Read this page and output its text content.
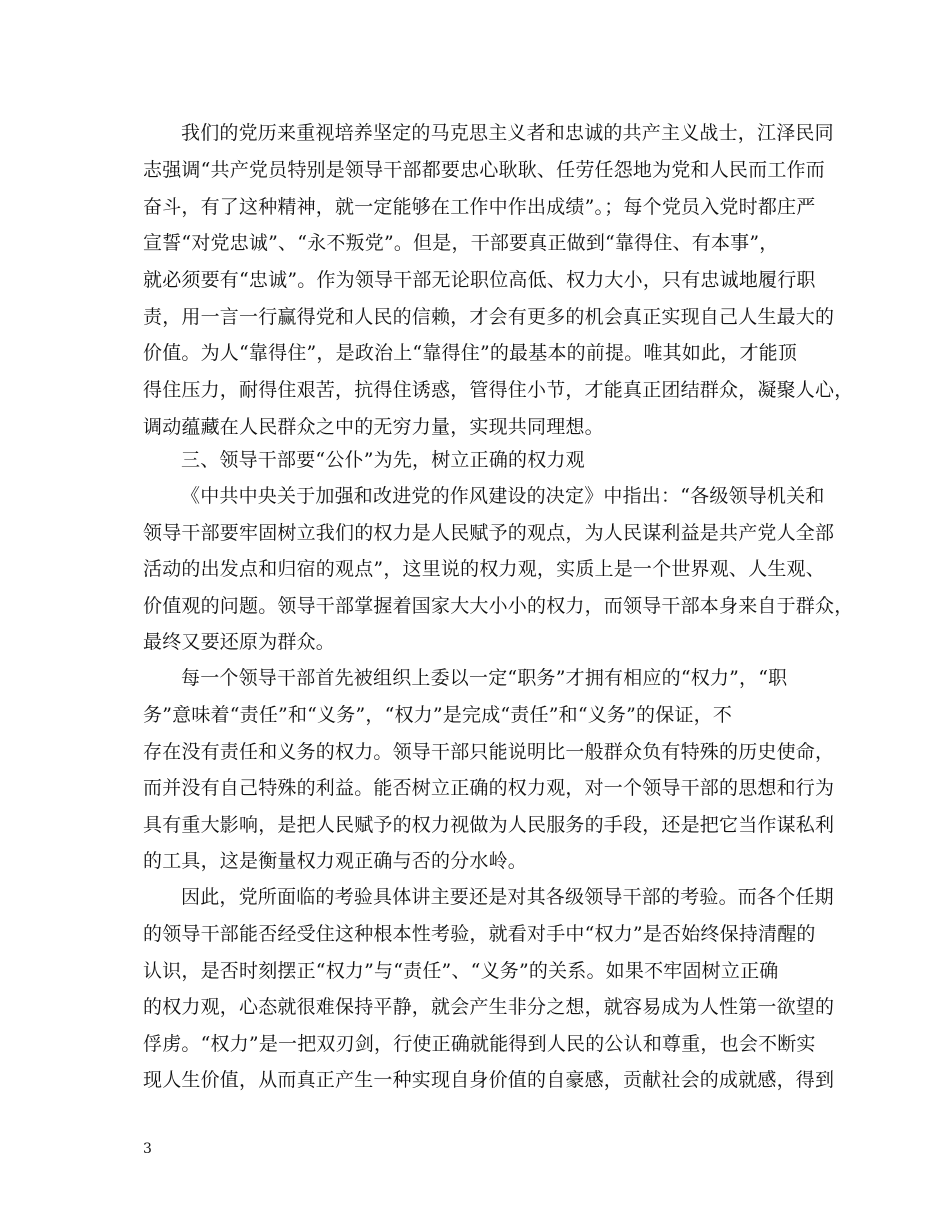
我们的党历来重视培养坚定的马克思主义者和忠诚的共产主义战士，江泽民同
志强调“共产党员特别是领导干部都要忠心耿耿、任劳任怨地为党和人民而工作而
奋斗，有了这种精神，就一定能够在工作中作出成绩”。；每个党员入党时都庄严
宣誓“对党忠诚”、“永不叛党”。但是，干部要真正做到“靠得住、有本事”，
就必须要有“忠诚”。作为领导干部无论职位高低、权力大小，只有忠诚地履行职
责，用一言一行赢得党和人民的信赖，才会有更多的机会真正实现自己人生最大的
价值。为人“靠得住”，是政治上“靠得住”的最基本的前提。唯其如此，才能顶
得住压力，耐得住艰苦，抗得住诱惑，管得住小节，才能真正团结群众，凝聚人心，
调动蕴藏在人民群众之中的无穷力量，实现共同理想。
三、领导干部要“公仆”为先，树立正确的权力观
《中共中央关于加强和改进党的作风建设的决定》中指出：“各级领导机关和
领导干部要牢固树立我们的权力是人民赋予的观点，为人民谋利益是共产党人全部
活动的出发点和归宿的观点”，这里说的权力观，实质上是一个世界观、人生观、
价值观的问题。领导干部掌握着国家大大小小的权力，而领导干部本身来自于群众，
最终又要还原为群众。
每一个领导干部首先被组织上委以一定“职务”才拥有相应的“权力”，“职
务”意味着“责任”和“义务”，“权力”是完成“责任”和“义务”的保证，不
存在没有责任和义务的权力。领导干部只能说明比一般群众负有特殊的历史使命，
而并没有自己特殊的利益。能否树立正确的权力观，对一个领导干部的思想和行为
具有重大影响，是把人民赋予的权力视做为人民服务的手段，还是把它当作谋私利
的工具，这是衡量权力观正确与否的分水岭。
因此，党所面临的考验具体讲主要还是对其各级领导干部的考验。而各个任期
的领导干部能否经受住这种根本性考验，就看对手中“权力”是否始终保持清醒的
认识，是否时刻摆正“权力”与“责任”、“义务”的关系。如果不牢固树立正确
的权力观，心态就很难保持平静，就会产生非分之想，就容易成为人性第一欲望的
俘虏。“权力”是一把双刃剑，行使正确就能得到人民的公认和尊重，也会不断实
现人生价值，从而真正产生一种实现自身价值的自豪感，贡献社会的成就感，得到
3
